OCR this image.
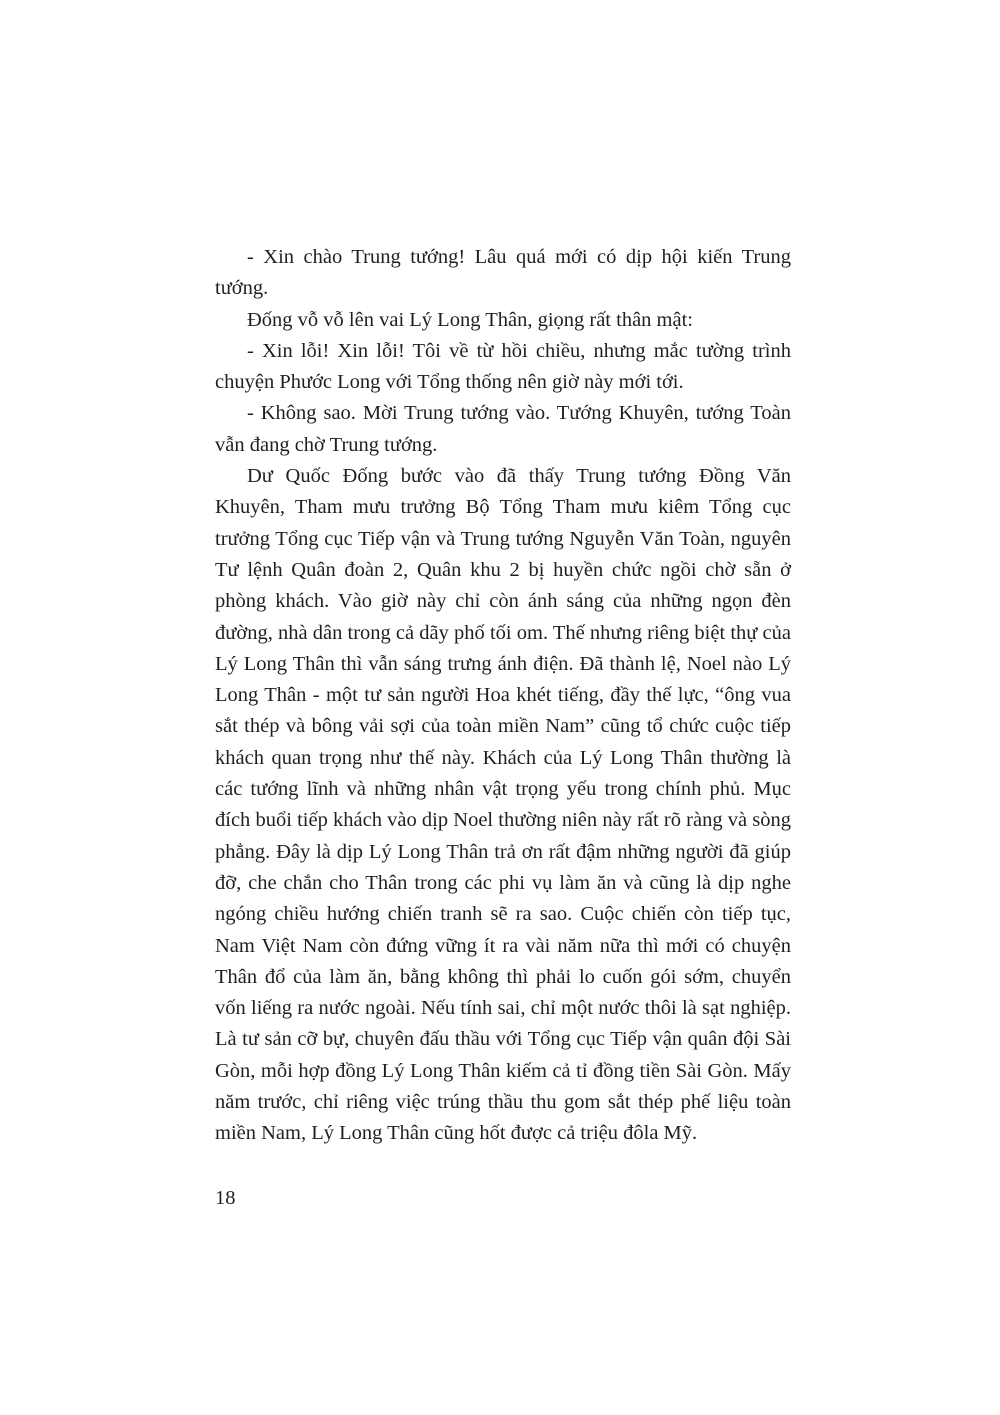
- Xin chào Trung tướng! Lâu quá mới có dịp hội kiến Trung tướng.

Đống vỗ vỗ lên vai Lý Long Thân, giọng rất thân mật:

- Xin lỗi! Xin lỗi! Tôi về từ hồi chiều, nhưng mắc tường trình chuyện Phước Long với Tổng thống nên giờ này mới tới.

- Không sao. Mời Trung tướng vào. Tướng Khuyên, tướng Toàn vẫn đang chờ Trung tướng.

Dư Quốc Đống bước vào đã thấy Trung tướng Đồng Văn Khuyên, Tham mưu trưởng Bộ Tổng Tham mưu kiêm Tổng cục trưởng Tổng cục Tiếp vận và Trung tướng Nguyễn Văn Toàn, nguyên Tư lệnh Quân đoàn 2, Quân khu 2 bị huyền chức ngồi chờ sẵn ở phòng khách. Vào giờ này chỉ còn ánh sáng của những ngọn đèn đường, nhà dân trong cả dãy phố tối om. Thế nhưng riêng biệt thự của Lý Long Thân thì vẫn sáng trưng ánh điện. Đã thành lệ, Noel nào Lý Long Thân - một tư sản người Hoa khét tiếng, đầy thế lực, “ông vua sắt thép và bông vải sợi của toàn miền Nam” cũng tổ chức cuộc tiếp khách quan trọng như thế này. Khách của Lý Long Thân thường là các tướng lĩnh và những nhân vật trọng yếu trong chính phủ. Mục đích buổi tiếp khách vào dịp Noel thường niên này rất rõ ràng và sòng phẳng. Đây là dịp Lý Long Thân trả ơn rất đậm những người đã giúp đỡ, che chắn cho Thân trong các phi vụ làm ăn và cũng là dịp nghe ngóng chiều hướng chiến tranh sẽ ra sao. Cuộc chiến còn tiếp tục, Nam Việt Nam còn đứng vững ít ra vài năm nữa thì mới có chuyện Thân đổ của làm ăn, bằng không thì phải lo cuốn gói sớm, chuyển vốn liếng ra nước ngoài. Nếu tính sai, chỉ một nước thôi là sạt nghiệp. Là tư sản cỡ bự, chuyên đấu thầu với Tổng cục Tiếp vận quân đội Sài Gòn, mỗi hợp đồng Lý Long Thân kiếm cả tỉ đồng tiền Sài Gòn. Mấy năm trước, chỉ riêng việc trúng thầu thu gom sắt thép phế liệu toàn miền Nam, Lý Long Thân cũng hốt được cả triệu đôla Mỹ.

18
